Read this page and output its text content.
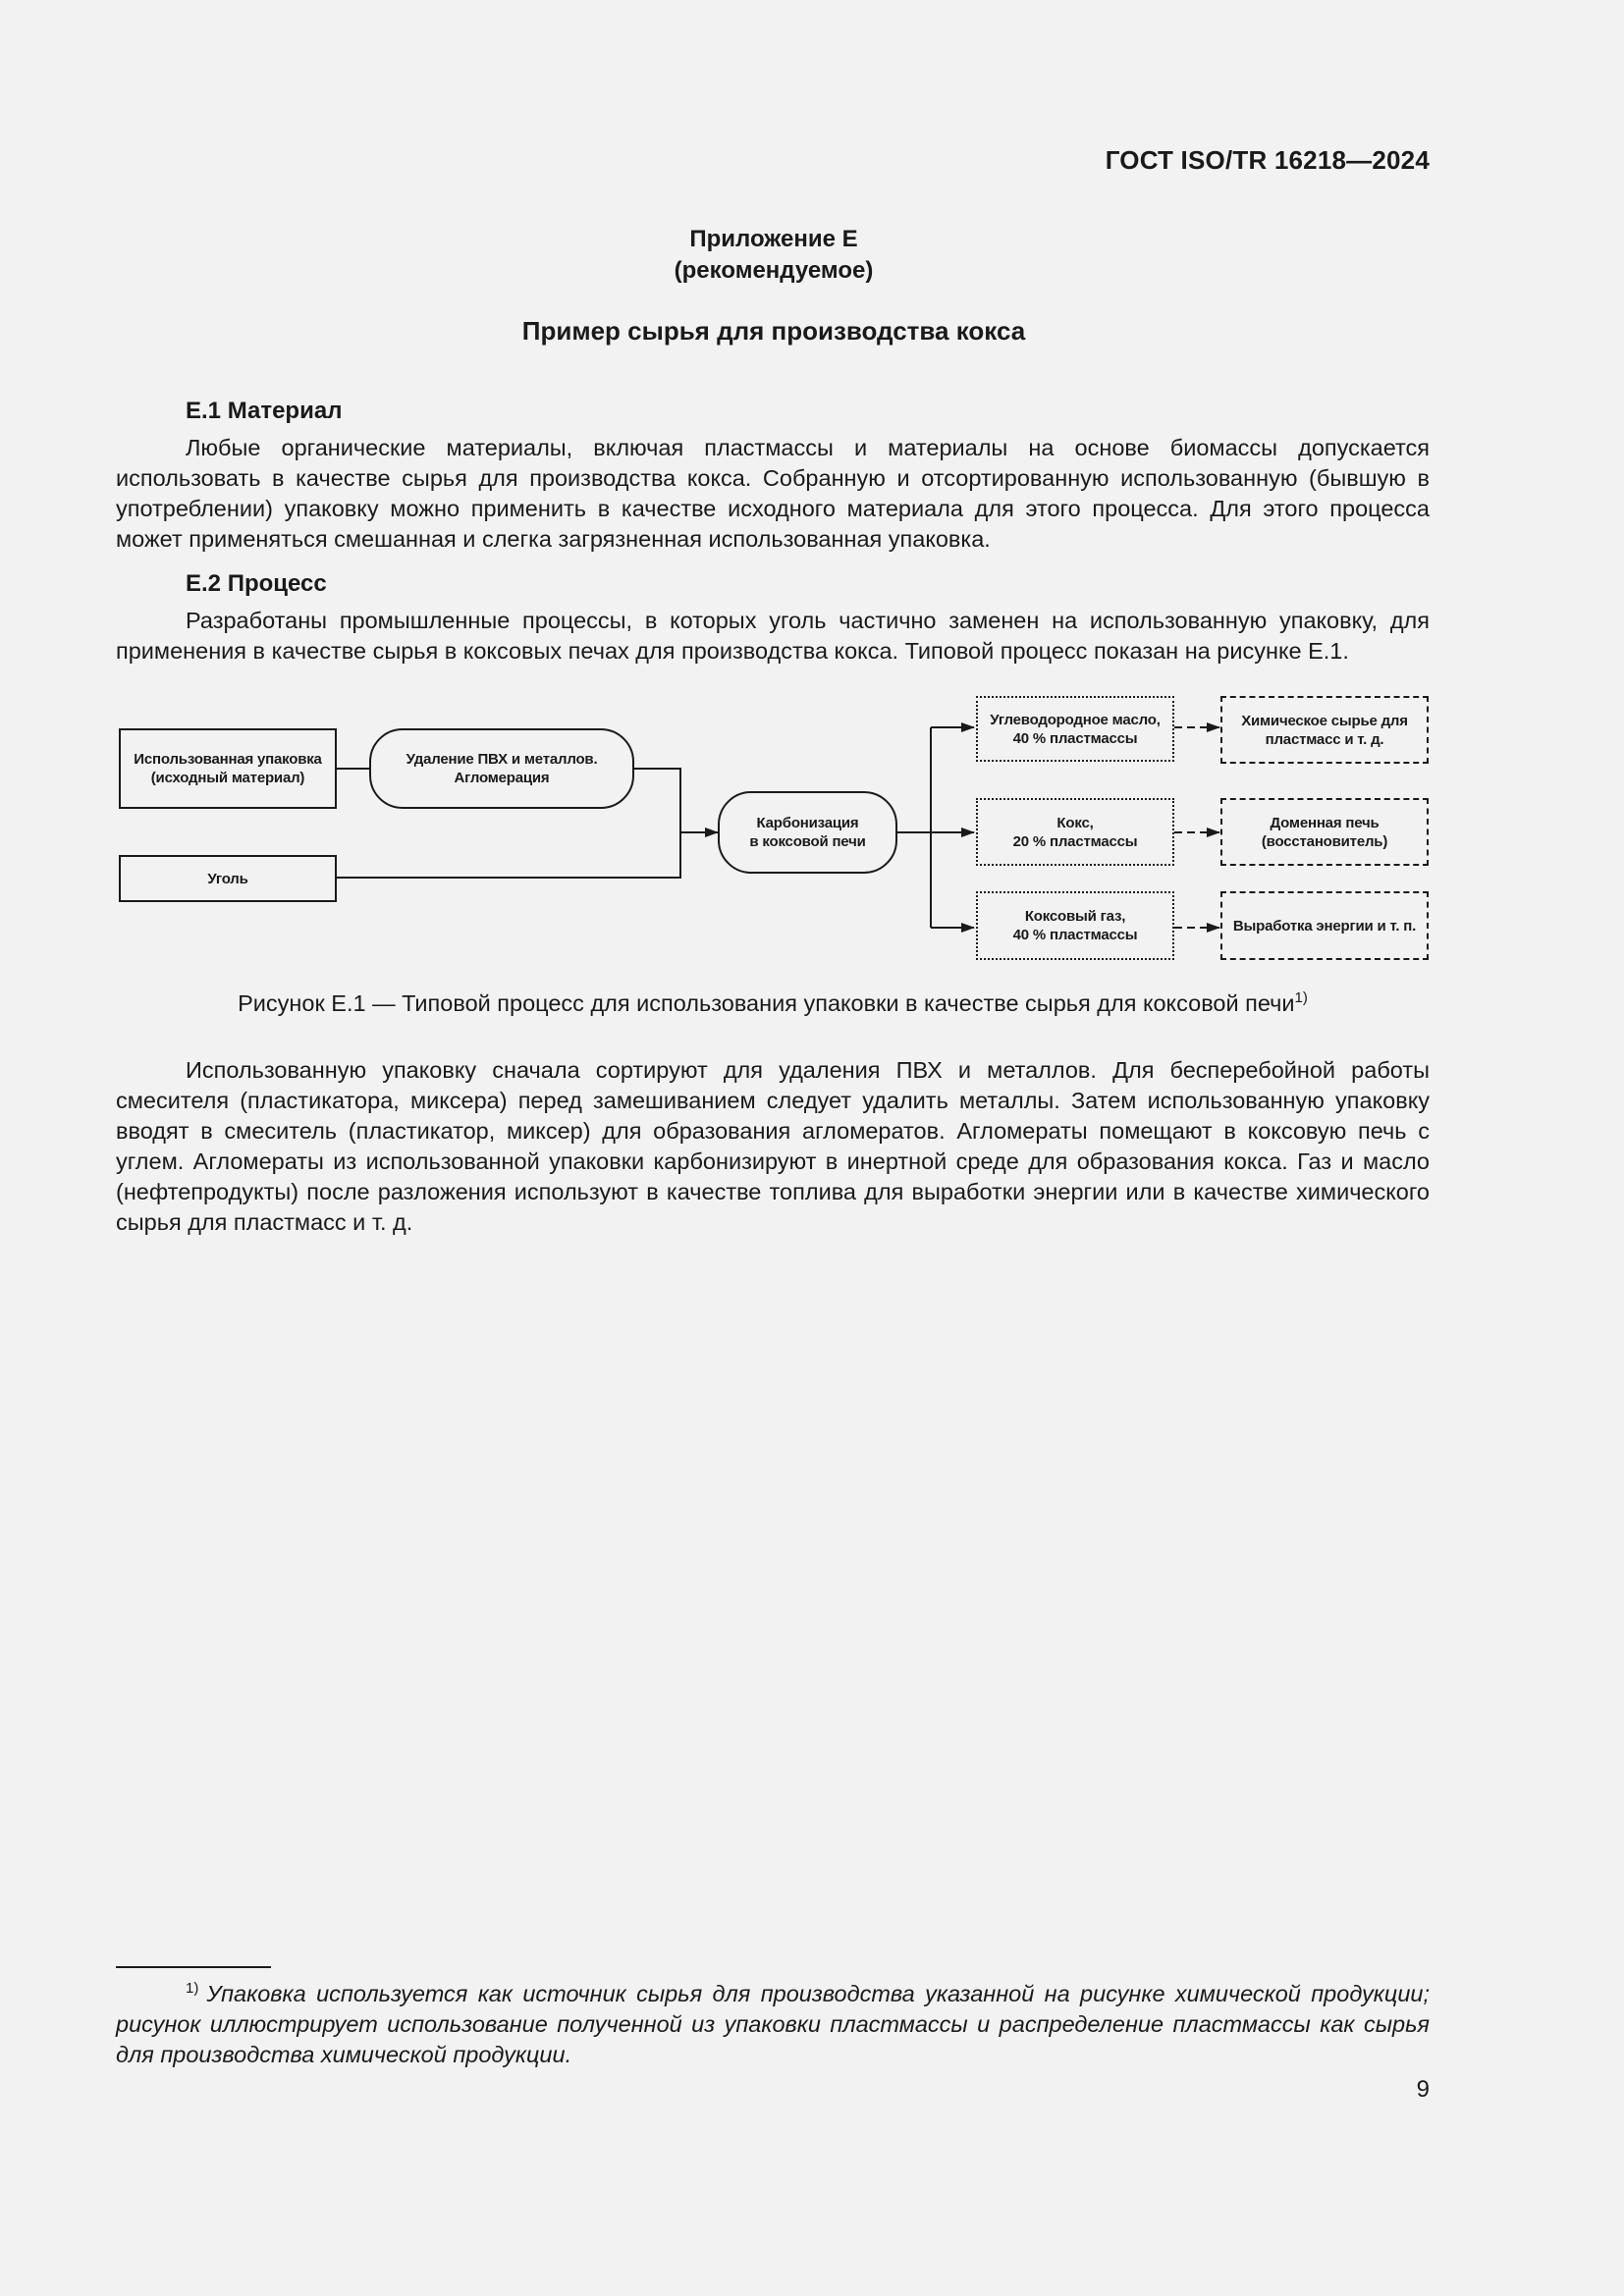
ГОСТ ISO/TR 16218—2024
Приложение Е
(рекомендуемое)
Пример сырья для производства кокса
Е.1 Материал

Любые органические материалы, включая пластмассы и материалы на основе биомассы допускается использовать в качестве сырья для производства кокса. Собранную и отсортированную использованную (бывшую в употреблении) упаковку можно применить в качестве исходного материала для этого процесса. Для этого процесса может применяться смешанная и слегка загрязненная использованная упаковка.

Е.2 Процесс

Разработаны промышленные процессы, в которых уголь частично заменен на использованную упаковку, для применения в качестве сырья в коксовых печах для производства кокса. Типовой процесс показан на рисунке Е.1.

Использованная упаковка
(исходный материал)
Удаление ПВХ и металлов.
Агломерация
Уголь
Карбонизация
в коксовой печи
Углеводородное масло,
40 % пластмассы
Кокс,
20 % пластмассы
Коксовый газ,
40 % пластмассы
Химическое сырье для
пластмасс и т. д.
Доменная печь
(восстановитель)
Выработка энергии и т. п.
Рисунок Е.1 — Типовой процесс для использования упаковки в качестве сырья для коксовой печи$^{1)}$

Использованную упаковку сначала сортируют для удаления ПВХ и металлов. Для бесперебойной работы смесителя (пластикатора, миксера) перед замешиванием следует удалить металлы. Затем использованную упаковку вводят в смеситель (пластикатор, миксер) для образования агломератов. Агломераты помещают в коксовую печь с углем. Агломераты из использованной упаковки карбонизируют в инертной среде для образования кокса. Газ и масло (нефтепродукты) после разложения используют в качестве топлива для выработки энергии или в качестве химического сырья для пластмасс и т. д.

$^{1)}$ Упаковка используется как источник сырья для производства указанной на рисунке химической продукции; рисунок иллюстрирует использование полученной из упаковки пластмассы и распределение пластмассы как сырья для производства химической продукции.

9
